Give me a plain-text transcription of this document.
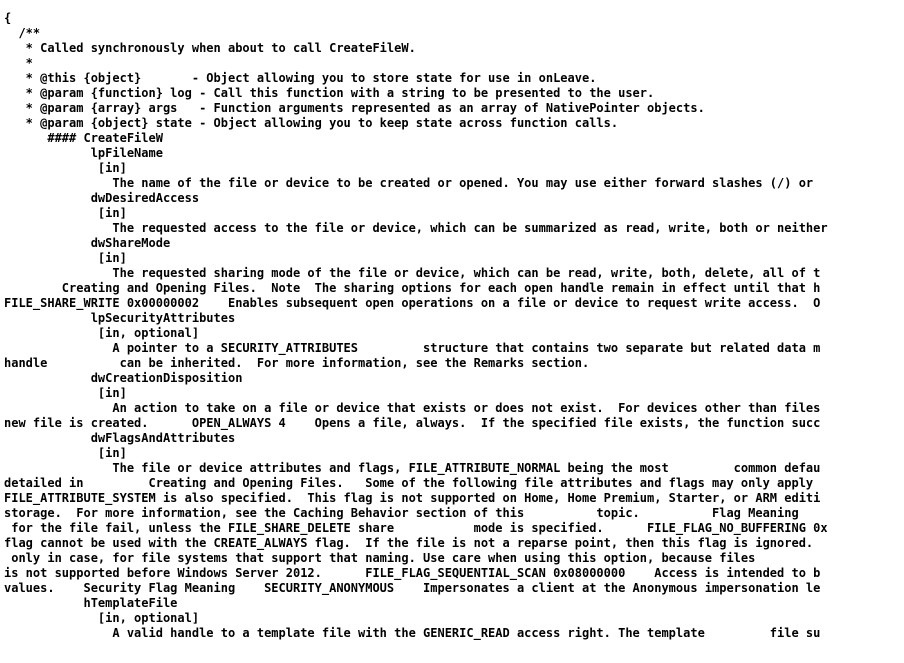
{
/**
* Called synchronously when about to call CreateFileW.
*
* @this {object}       - Object allowing you to store state for use in onLeave.
* @param {function} log - Call this function with a string to be presented to the user.
* @param {array} args   - Function arguments represented as an array of NativePointer objects.
* @param {object} state - Object allowing you to keep state across function calls.
#### CreateFileW
lpFileName
[in]
The name of the file or device to be created or opened. You may use either forward slashes (/) or
dwDesiredAccess
[in]
The requested access to the file or device, which can be summarized as read, write, both or neither
dwShareMode
[in]
The requested sharing mode of the file or device, which can be read, write, both, delete, all of t
Creating and Opening Files.  Note  The sharing options for each open handle remain in effect until that h
FILE_SHARE_WRITE 0x00000002    Enables subsequent open operations on a file or device to request write access.  O
lpSecurityAttributes
[in, optional]
A pointer to a SECURITY_ATTRIBUTES         structure that contains two separate but related data m
handle          can be inherited.  For more information, see the Remarks section.
dwCreationDisposition
[in]
An action to take on a file or device that exists or does not exist.  For devices other than files
new file is created.      OPEN_ALWAYS 4    Opens a file, always.  If the specified file exists, the function succ
dwFlagsAndAttributes
[in]
The file or device attributes and flags, FILE_ATTRIBUTE_NORMAL being the most         common defau
detailed in         Creating and Opening Files.   Some of the following file attributes and flags may only apply
FILE_ATTRIBUTE_SYSTEM is also specified.  This flag is not supported on Home, Home Premium, Starter, or ARM editi
storage.  For more information, see the Caching Behavior section of this          topic.          Flag Meaning
for the file fail, unless the FILE_SHARE_DELETE share           mode is specified.      FILE_FLAG_NO_BUFFERING 0x
flag cannot be used with the CREATE_ALWAYS flag.  If the file is not a reparse point, then this flag is ignored.
only in case, for file systems that support that naming. Use care when using this option, because files
is not supported before Windows Server 2012.      FILE_FLAG_SEQUENTIAL_SCAN 0x08000000    Access is intended to b
values.    Security Flag Meaning    SECURITY_ANONYMOUS    Impersonates a client at the Anonymous impersonation le
hTemplateFile
[in, optional]
A valid handle to a template file with the GENERIC_READ access right. The template         file su
